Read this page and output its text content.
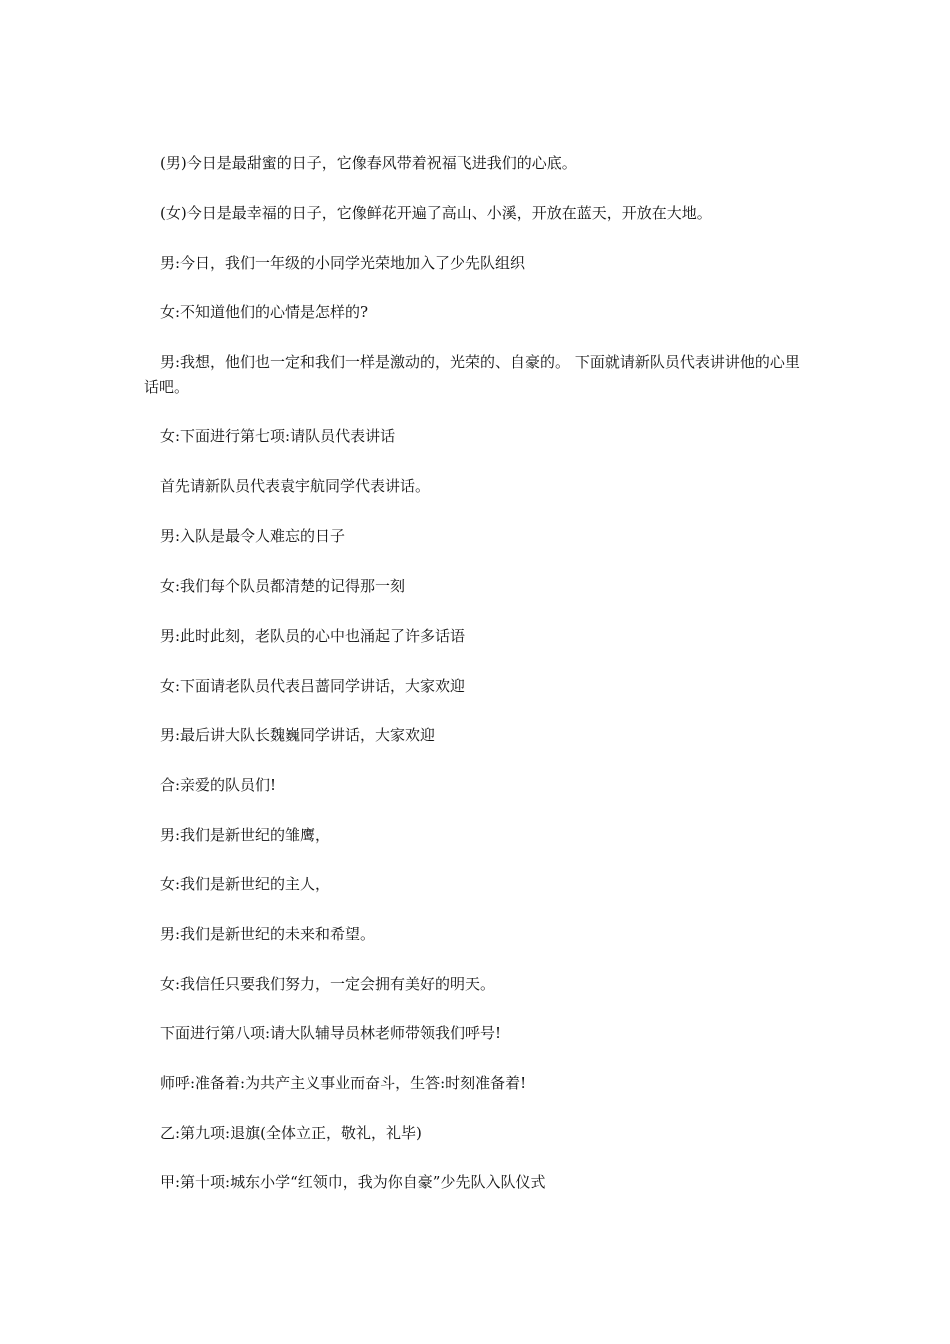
(男)今日是最甜蜜的日子，它像春风带着祝福飞进我们的心底。

(女)今日是最幸福的日子，它像鲜花开遍了高山、小溪，开放在蓝天，开放在大地。

男:今日，我们一年级的小同学光荣地加入了少先队组织

女:不知道他们的心情是怎样的?

男:我想，他们也一定和我们一样是激动的，光荣的、自豪的。 下面就请新队员代表讲讲他的心里话吧。

女:下面进行第七项:请队员代表讲话

首先请新队员代表袁宇航同学代表讲话。

男:入队是最令人难忘的日子

女:我们每个队员都清楚的记得那一刻

男:此时此刻，老队员的心中也涌起了许多话语

女:下面请老队员代表吕蔷同学讲话，大家欢迎

男:最后讲大队长魏巍同学讲话，大家欢迎

合:亲爱的队员们!

男:我们是新世纪的雏鹰，

女:我们是新世纪的主人，

男:我们是新世纪的未来和希望。

女:我信任只要我们努力，一定会拥有美好的明天。

下面进行第八项:请大队辅导员林老师带领我们呼号!

师呼:准备着:为共产主义事业而奋斗，生答:时刻准备着!

乙:第九项:退旗(全体立正，敬礼，礼毕)

甲:第十项:城东小学“红领巾，我为你自豪”少先队入队仪式
